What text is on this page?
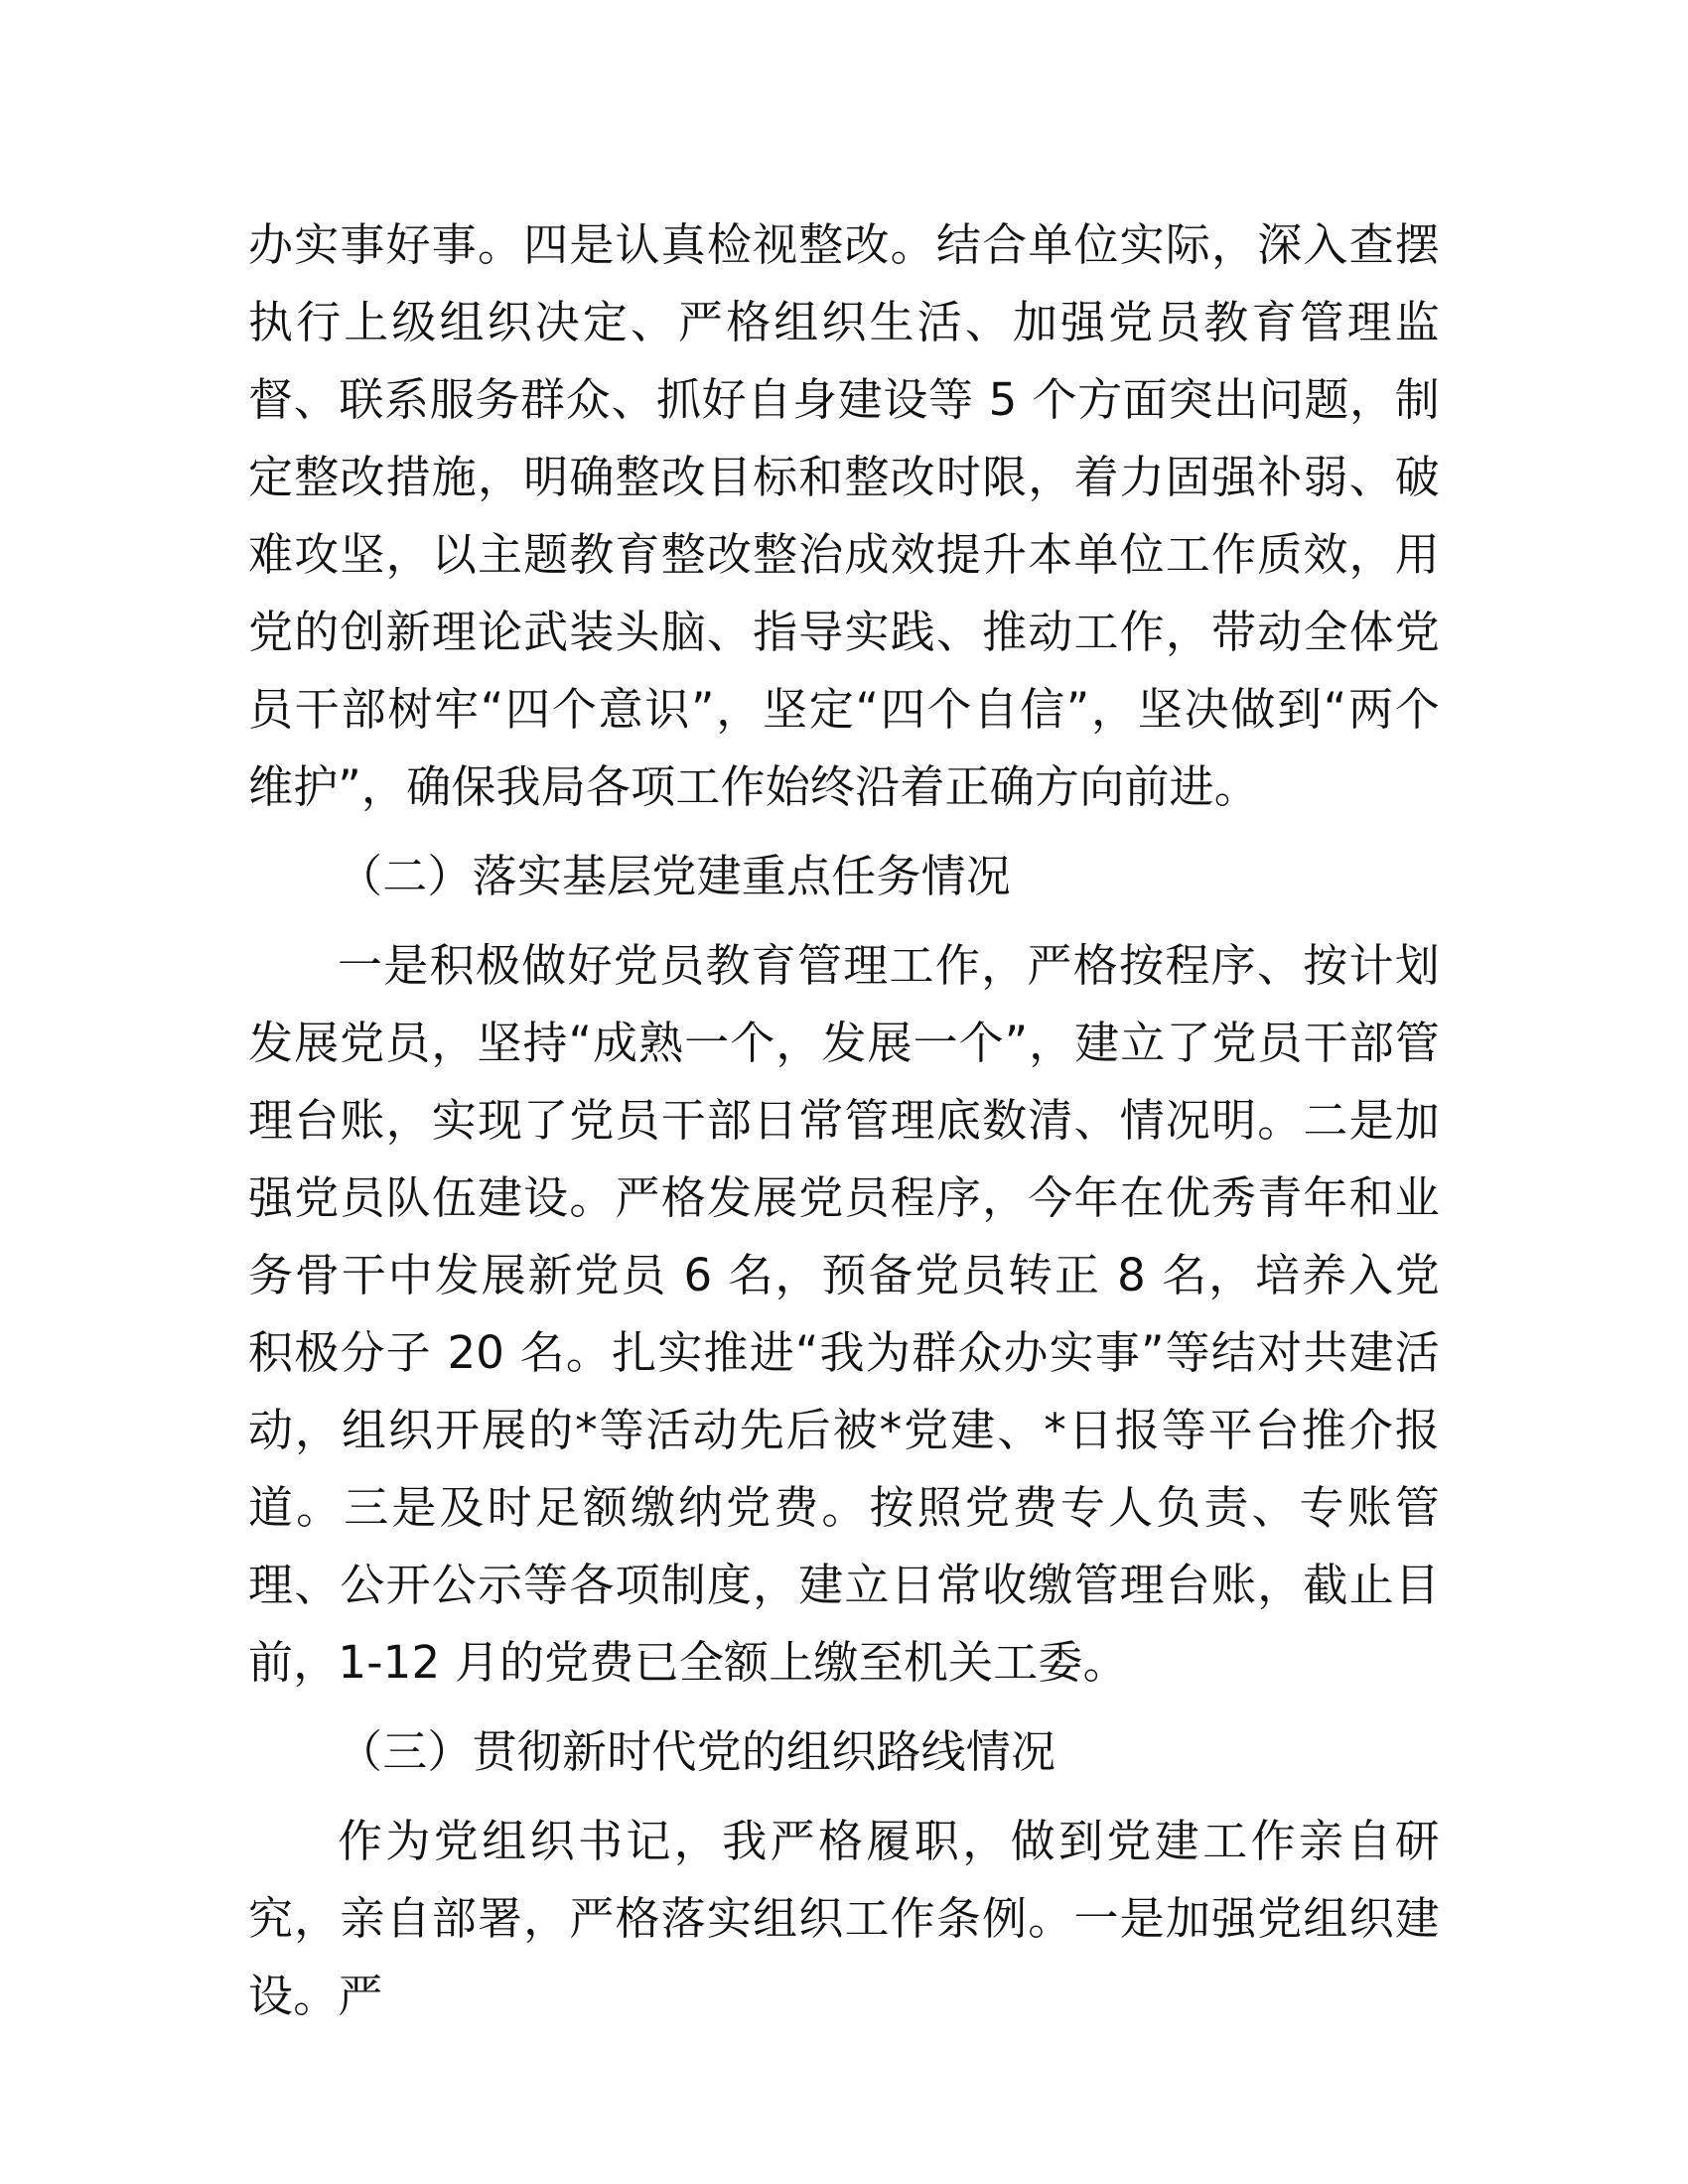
办实事好事。四是认真检视整改。结合单位实际，深入查摆执行上级组织决定、严格组织生活、加强党员教育管理监督、联系服务群众、抓好自身建设等 5 个方面突出问题，制定整改措施，明确整改目标和整改时限，着力固强补弱、破难攻坚，以主题教育整改整治成效提升本单位工作质效，用党的创新理论武装头脑、指导实践、推动工作，带动全体党员干部树牢“四个意识”，坚定“四个自信”，坚决做到“两个维护”，确保我局各项工作始终沿着正确方向前进。

（二）落实基层党建重点任务情况

一是积极做好党员教育管理工作，严格按程序、按计划发展党员，坚持“成熟一个，发展一个”，建立了党员干部管理台账，实现了党员干部日常管理底数清、情况明。二是加强党员队伍建设。严格发展党员程序，今年在优秀青年和业务骨干中发展新党员 6 名，预备党员转正 8 名，培养入党积极分子 20 名。扎实推进“我为群众办实事”等结对共建活动，组织开展的*等活动先后被*党建、*日报等平台推介报道。三是及时足额缴纳党费。按照党费专人负责、专账管理、公开公示等各项制度，建立日常收缴管理台账，截止目前，1-12 月的党费已全额上缴至机关工委。

（三）贯彻新时代党的组织路线情况

作为党组织书记，我严格履职，做到党建工作亲自研究，亲自部署，严格落实组织工作条例。一是加强党组织建设。严
